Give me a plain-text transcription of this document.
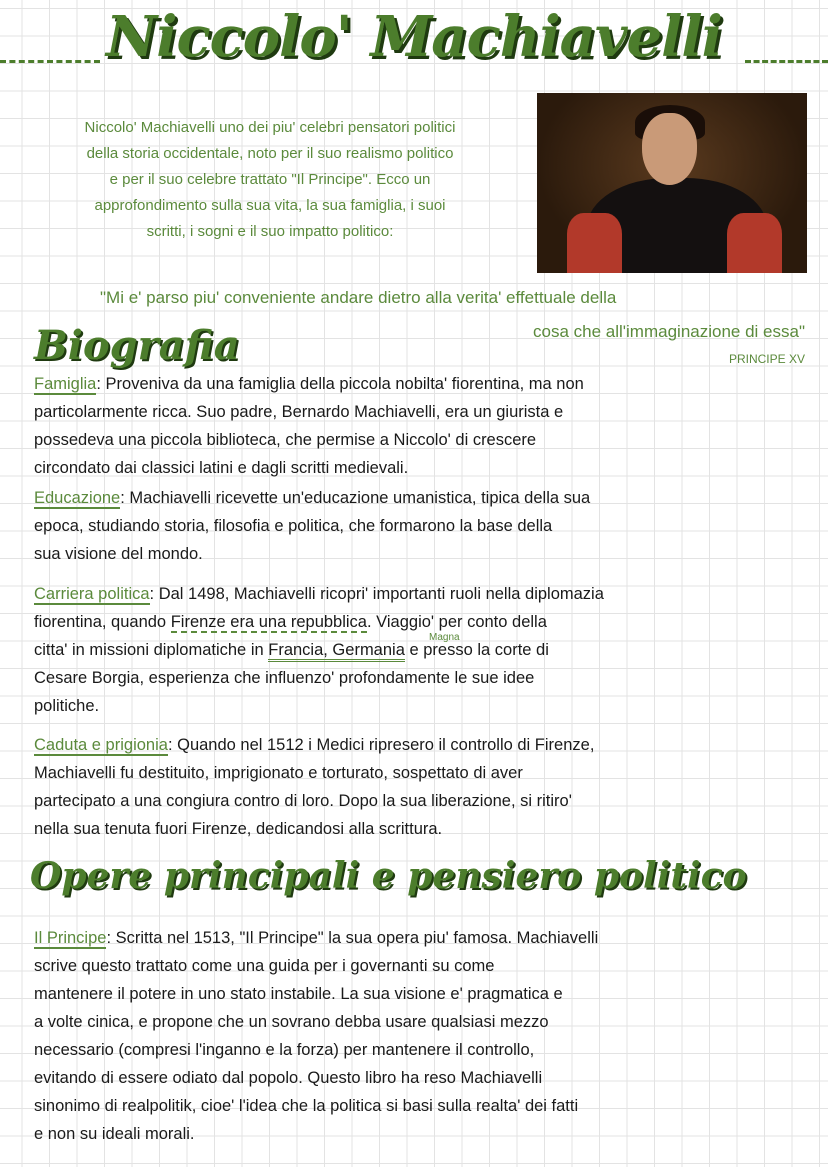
Niccolo' Machiavelli
Niccolo' Machiavelli uno dei piu' celebri pensatori politici
della storia occidentale, noto per il suo realismo politico
e per il suo celebre trattato "Il Principe". Ecco un
approfondimento sulla sua vita, la sua famiglia, i suoi
scritti, i sogni e il suo impatto politico:
"Mi e' parso piu' conveniente andare dietro alla verita' effettuale della
cosa che all'immaginazione di essa"
PRINCIPE XV
Biografia
Famiglia: Proveniva da una famiglia della piccola nobilta' fiorentina, ma non
particolarmente ricca. Suo padre, Bernardo Machiavelli, era un giurista e
possedeva una piccola biblioteca, che permise a Niccolo' di crescere
circondato dai classici latini e dagli scritti medievali.
Educazione: Machiavelli ricevette un'educazione umanistica, tipica della sua
epoca, studiando storia, filosofia e politica, che formarono la base della
sua visione del mondo.
Carriera politica: Dal 1498, Machiavelli ricopri' importanti ruoli nella diplomazia
fiorentina, quando Firenze era una repubblica. Viaggio' per conto della
Magna
citta' in missioni diplomatiche in Francia, Germania e presso la corte di
Cesare Borgia, esperienza che influenzo' profondamente le sue idee
politiche.
Caduta e prigionia: Quando nel 1512 i Medici ripresero il controllo di Firenze,
Machiavelli fu destituito, imprigionato e torturato, sospettato di aver
partecipato a una congiura contro di loro. Dopo la sua liberazione, si ritiro'
nella sua tenuta fuori Firenze, dedicandosi alla scrittura.
Opere principali e pensiero politico
Il Principe: Scritta nel 1513, "Il Principe" la sua opera piu' famosa. Machiavelli
scrive questo trattato come una guida per i governanti su come
mantenere il potere in uno stato instabile. La sua visione e' pragmatica e
a volte cinica, e propone che un sovrano debba usare qualsiasi mezzo
necessario (compresi l'inganno e la forza) per mantenere il controllo,
evitando di essere odiato dal popolo. Questo libro ha reso Machiavelli
sinonimo di realpolitik, cioe' l'idea che la politica si basi sulla realta' dei fatti
e non su ideali morali.
